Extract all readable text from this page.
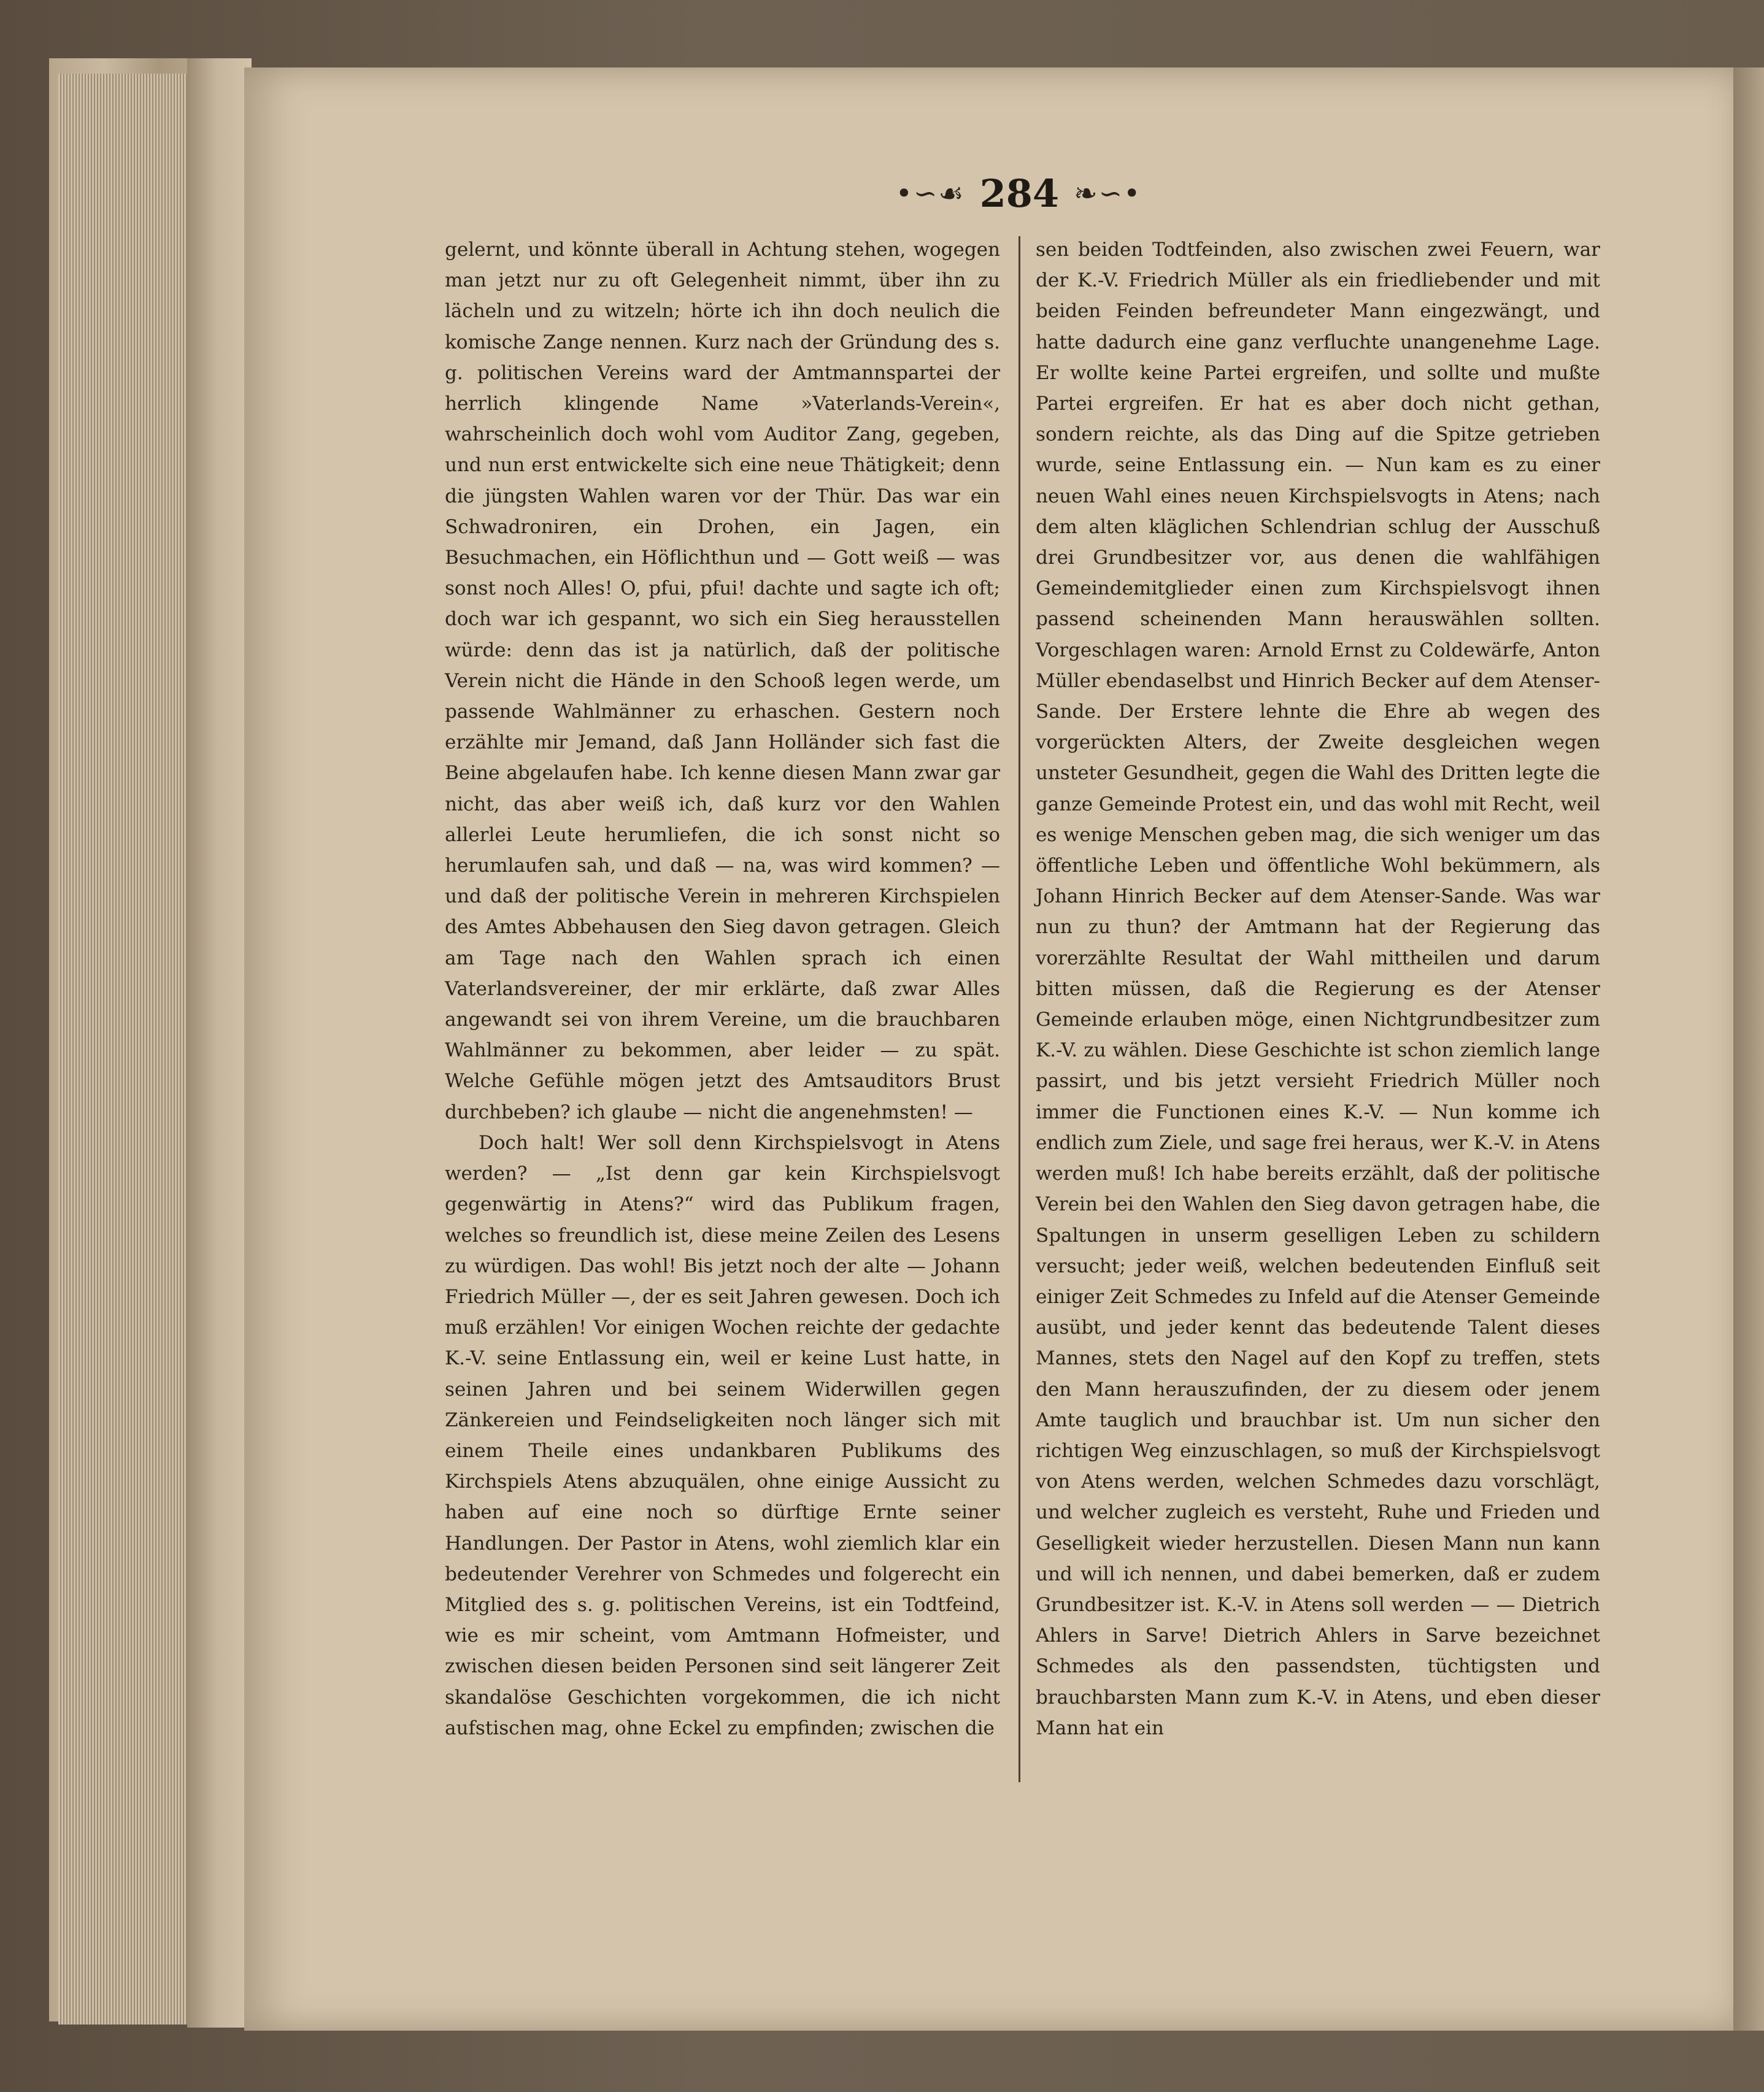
•∽☙ 284 ❧∽•

gelernt, und könnte überall in Achtung stehen, wogegen man jetzt nur zu oft Gelegenheit nimmt, über ihn zu lächeln und zu witzeln; hörte ich ihn doch neulich die komische Zange nennen. Kurz nach der Gründung des s. g. politischen Vereins ward der Amtmannspartei der herrlich klingende Name »Vaterlands-Verein«, wahrscheinlich doch wohl vom Auditor Zang, gegeben, und nun erst entwickelte sich eine neue Thätigkeit; denn die jüngsten Wahlen waren vor der Thür. Das war ein Schwadroniren, ein Drohen, ein Jagen, ein Besuchmachen, ein Höflichthun und — Gott weiß — was sonst noch Alles! O, pfui, pfui! dachte und sagte ich oft; doch war ich gespannt, wo sich ein Sieg herausstellen würde: denn das ist ja natürlich, daß der politische Verein nicht die Hände in den Schooß legen werde, um passende Wahlmänner zu erhaschen. Gestern noch erzählte mir Jemand, daß Jann Holländer sich fast die Beine abgelaufen habe. Ich kenne diesen Mann zwar gar nicht, das aber weiß ich, daß kurz vor den Wahlen allerlei Leute herumliefen, die ich sonst nicht so herumlaufen sah, und daß — na, was wird kommen? — und daß der politische Verein in mehreren Kirchspielen des Amtes Abbehausen den Sieg davon getragen. Gleich am Tage nach den Wahlen sprach ich einen Vaterlandsvereiner, der mir erklärte, daß zwar Alles angewandt sei von ihrem Vereine, um die brauchbaren Wahlmänner zu bekommen, aber leider — zu spät. Welche Gefühle mögen jetzt des Amtsauditors Brust durchbeben? ich glaube — nicht die angenehmsten! —

Doch halt! Wer soll denn Kirchspielsvogt in Atens werden? — „Ist denn gar kein Kirchspielsvogt gegenwärtig in Atens?“ wird das Publikum fragen, welches so freundlich ist, diese meine Zeilen des Lesens zu würdigen. Das wohl! Bis jetzt noch der alte — Johann Friedrich Müller —, der es seit Jahren gewesen. Doch ich muß erzählen! Vor einigen Wochen reichte der gedachte K.-V. seine Entlassung ein, weil er keine Lust hatte, in seinen Jahren und bei seinem Widerwillen gegen Zänkereien und Feindseligkeiten noch länger sich mit einem Theile eines undankbaren Publikums des Kirchspiels Atens abzuquälen, ohne einige Aussicht zu haben auf eine noch so dürftige Ernte seiner Handlungen. Der Pastor in Atens, wohl ziemlich klar ein bedeutender Verehrer von Schmedes und folgerecht ein Mitglied des s. g. politischen Vereins, ist ein Todtfeind, wie es mir scheint, vom Amtmann Hofmeister, und zwischen diesen beiden Personen sind seit längerer Zeit skandalöse Geschichten vorgekommen, die ich nicht aufstischen mag, ohne Eckel zu empfinden; zwischen die

sen beiden Todtfeinden, also zwischen zwei Feuern, war der K.-V. Friedrich Müller als ein friedliebender und mit beiden Feinden befreundeter Mann eingezwängt, und hatte dadurch eine ganz verfluchte unangenehme Lage. Er wollte keine Partei ergreifen, und sollte und mußte Partei ergreifen. Er hat es aber doch nicht gethan, sondern reichte, als das Ding auf die Spitze getrieben wurde, seine Entlassung ein. — Nun kam es zu einer neuen Wahl eines neuen Kirchspielsvogts in Atens; nach dem alten kläglichen Schlendrian schlug der Ausschuß drei Grundbesitzer vor, aus denen die wahlfähigen Gemeindemitglieder einen zum Kirchspielsvogt ihnen passend scheinenden Mann herauswählen sollten. Vorgeschlagen waren: Arnold Ernst zu Coldewärfe, Anton Müller ebendaselbst und Hinrich Becker auf dem Atenser-Sande. Der Erstere lehnte die Ehre ab wegen des vorgerückten Alters, der Zweite desgleichen wegen unsteter Gesundheit, gegen die Wahl des Dritten legte die ganze Gemeinde Protest ein, und das wohl mit Recht, weil es wenige Menschen geben mag, die sich weniger um das öffentliche Leben und öffentliche Wohl bekümmern, als Johann Hinrich Becker auf dem Atenser-Sande. Was war nun zu thun? der Amtmann hat der Regierung das vorerzählte Resultat der Wahl mittheilen und darum bitten müssen, daß die Regierung es der Atenser Gemeinde erlauben möge, einen Nichtgrundbesitzer zum K.-V. zu wählen. Diese Geschichte ist schon ziemlich lange passirt, und bis jetzt versieht Friedrich Müller noch immer die Functionen eines K.-V. — Nun komme ich endlich zum Ziele, und sage frei heraus, wer K.-V. in Atens werden muß! Ich habe bereits erzählt, daß der politische Verein bei den Wahlen den Sieg davon getragen habe, die Spaltungen in unserm geselligen Leben zu schildern versucht; jeder weiß, welchen bedeutenden Einfluß seit einiger Zeit Schmedes zu Infeld auf die Atenser Gemeinde ausübt, und jeder kennt das bedeutende Talent dieses Mannes, stets den Nagel auf den Kopf zu treffen, stets den Mann herauszufinden, der zu diesem oder jenem Amte tauglich und brauchbar ist. Um nun sicher den richtigen Weg einzuschlagen, so muß der Kirchspielsvogt von Atens werden, welchen Schmedes dazu vorschlägt, und welcher zugleich es versteht, Ruhe und Frieden und Geselligkeit wieder herzustellen. Diesen Mann nun kann und will ich nennen, und dabei bemerken, daß er zudem Grundbesitzer ist. K.-V. in Atens soll werden — — Dietrich Ahlers in Sarve! Dietrich Ahlers in Sarve bezeichnet Schmedes als den passendsten, tüchtigsten und brauchbarsten Mann zum K.-V. in Atens, und eben dieser Mann hat ein
